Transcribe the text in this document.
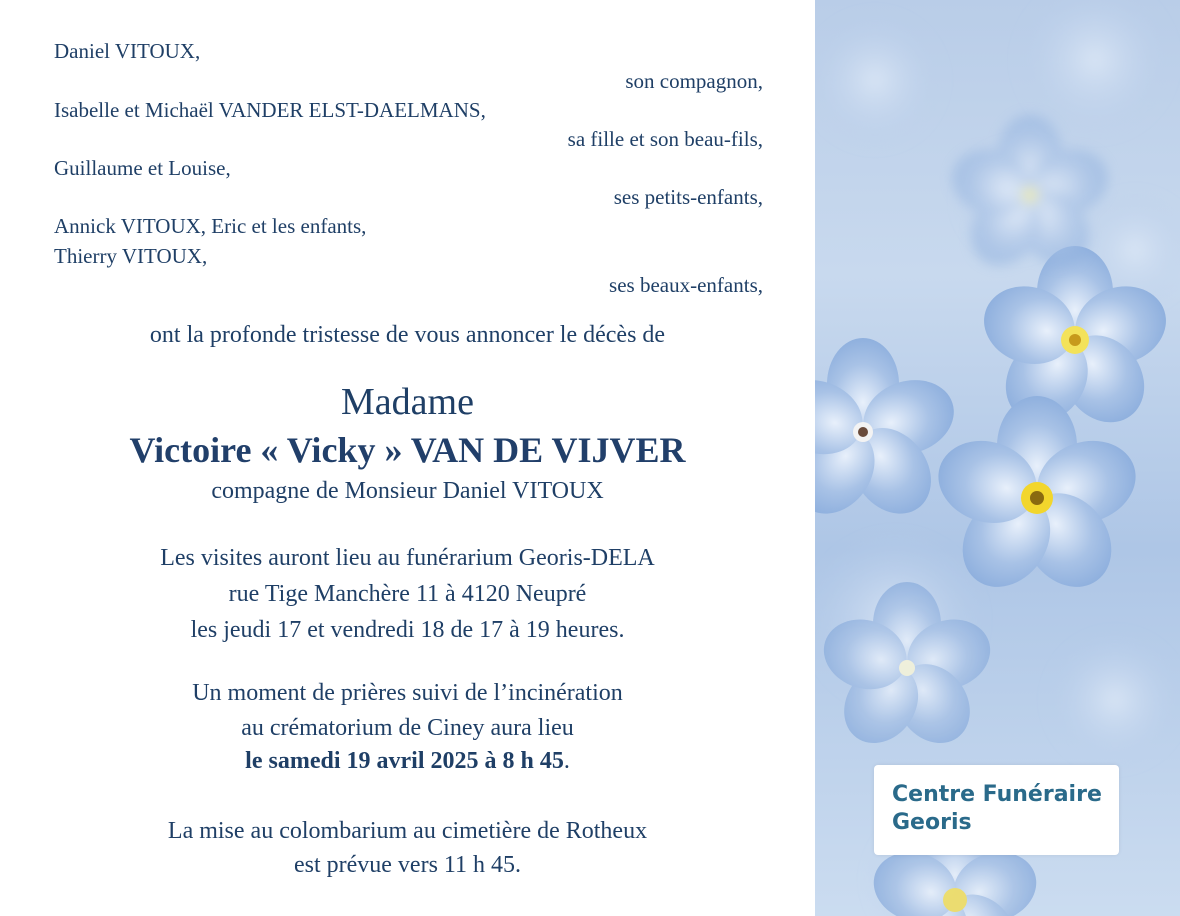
Daniel VITOUX,
son compagnon,
Isabelle et Michaël VANDER ELST-DAELMANS,
sa fille et son beau-fils,
Guillaume et Louise,
ses petits-enfants,
Annick VITOUX, Eric et les enfants,
Thierry VITOUX,
ses beaux-enfants,
ont la profonde tristesse de vous annoncer le décès de
Madame
Victoire « Vicky » VAN DE VIJVER
compagne de Monsieur Daniel VITOUX
Les visites auront lieu au funérarium Georis-DELA
rue Tige Manchère 11 à 4120 Neupré
les jeudi 17 et vendredi 18 de 17 à 19 heures.
Un moment de prières suivi de l’incinération
au crématorium de Ciney aura lieu
le samedi 19 avril 2025 à 8 h 45.
La mise au colombarium au cimetière de Rotheux
est prévue vers 11 h 45.
Centre Funéraire
Georis
